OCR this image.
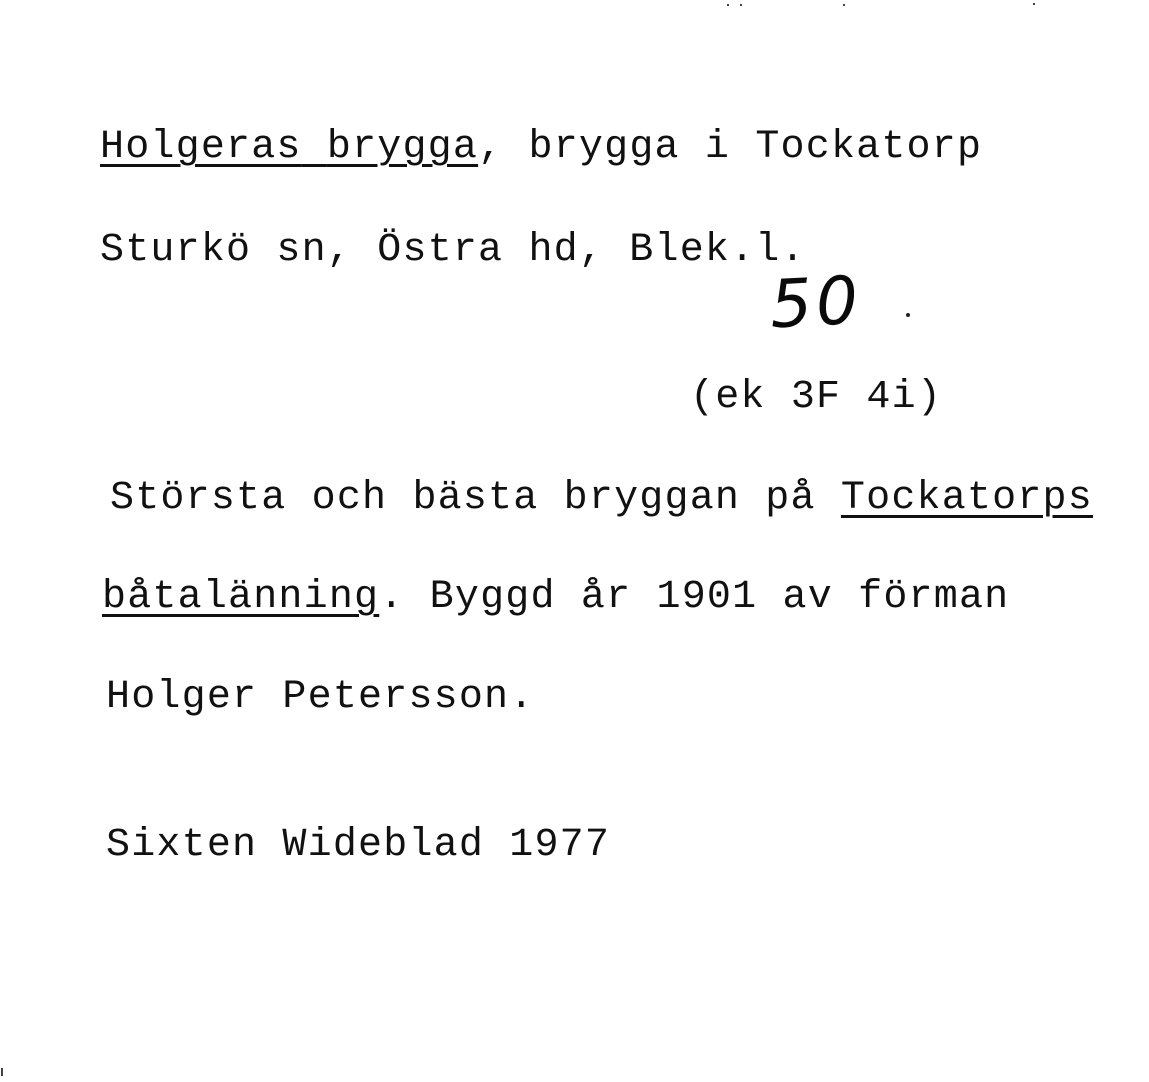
Holgeras brygga, brygga i Tockatorp
Sturkö sn, Östra hd, Blek.l.
50
(ek 3F 4i)
Största och bästa bryggan på Tockatorps
båtalänning. Byggd år 1901 av förman
Holger Petersson.
Sixten Wideblad 1977
